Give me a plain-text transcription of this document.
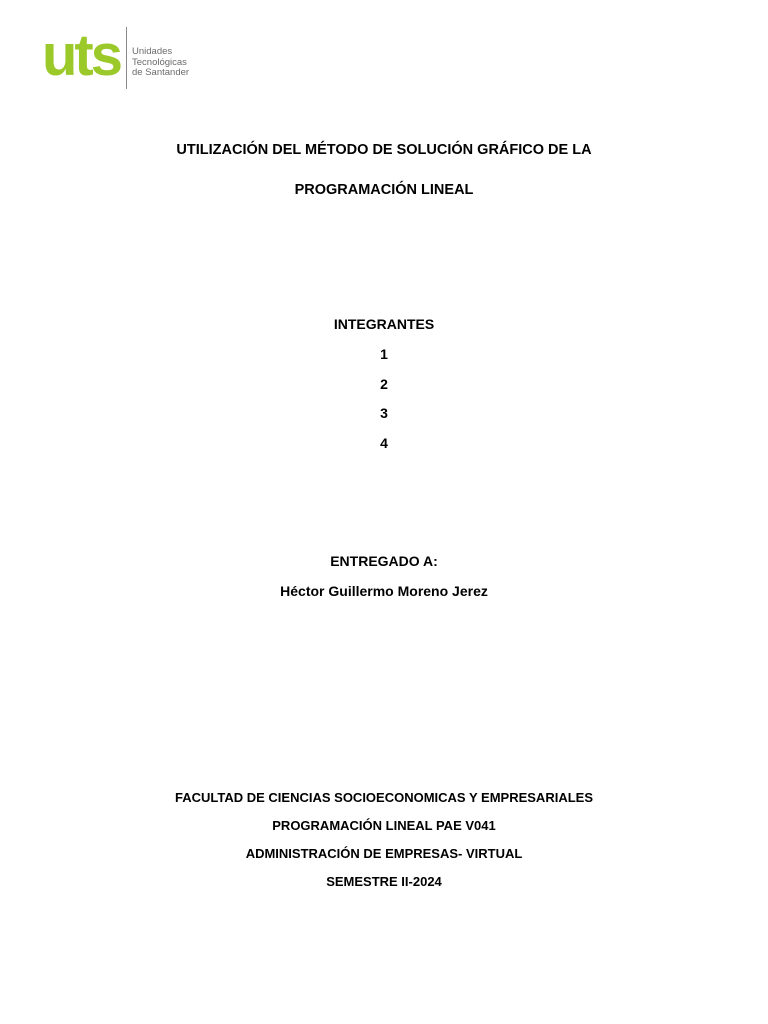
uts Unidades
Tecnológicas
de Santander
UTILIZACIÓN DEL MÉTODO DE SOLUCIÓN GRÁFICO DE LA
PROGRAMACIÓN LINEAL
INTEGRANTES
1
2
3
4
ENTREGADO A:
Héctor Guillermo Moreno Jerez
FACULTAD DE CIENCIAS SOCIOECONOMICAS Y EMPRESARIALES
PROGRAMACIÓN LINEAL PAE V041
ADMINISTRACIÓN DE EMPRESAS- VIRTUAL
SEMESTRE II-2024
